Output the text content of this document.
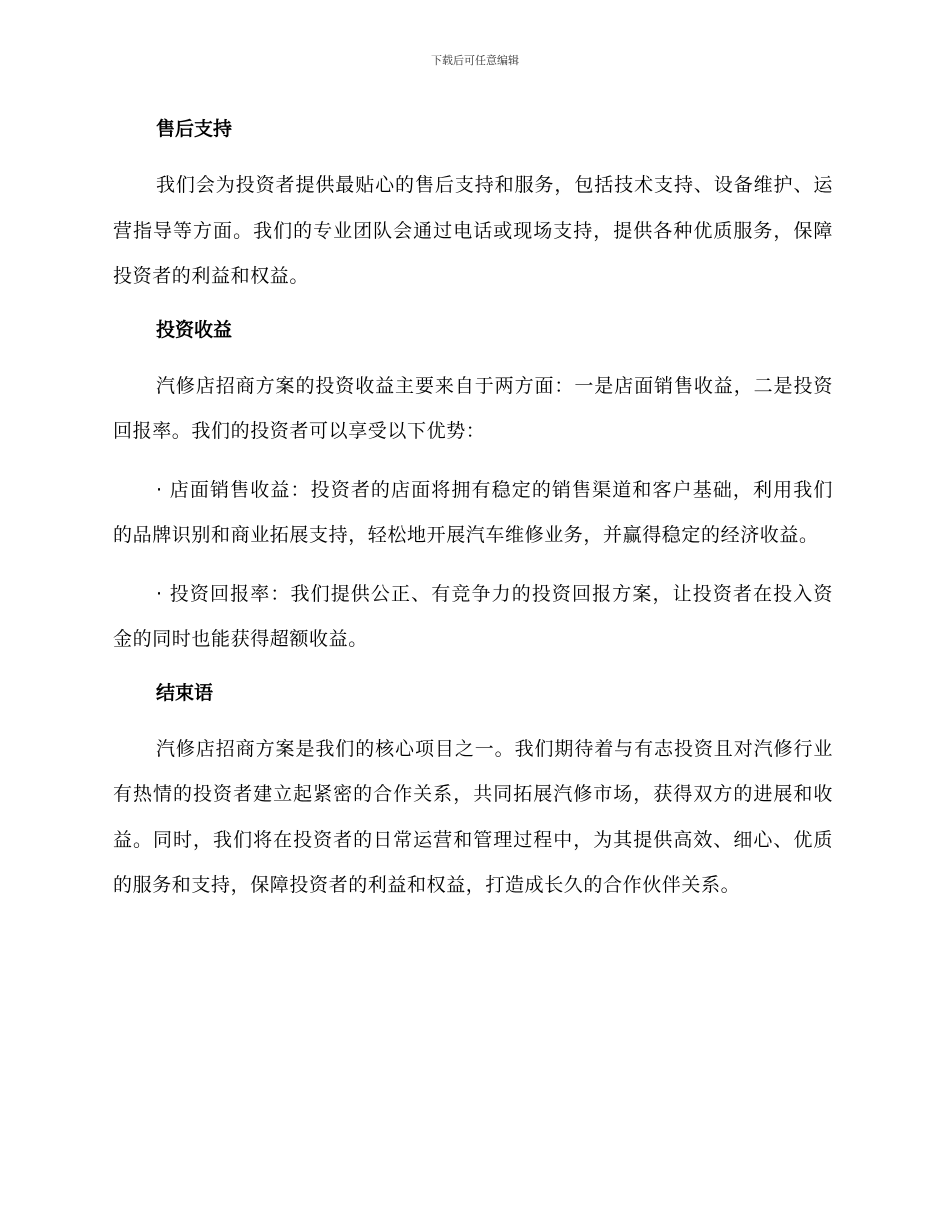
下载后可任意编辑
售后支持
我们会为投资者提供最贴心的售后支持和服务，包括技术支持、设备维护、运营指导等方面。我们的专业团队会通过电话或现场支持，提供各种优质服务，保障投资者的利益和权益。
投资收益
汽修店招商方案的投资收益主要来自于两方面：一是店面销售收益，二是投资回报率。我们的投资者可以享受以下优势：
· 店面销售收益：投资者的店面将拥有稳定的销售渠道和客户基础，利用我们的品牌识别和商业拓展支持，轻松地开展汽车维修业务，并赢得稳定的经济收益。
· 投资回报率：我们提供公正、有竞争力的投资回报方案，让投资者在投入资金的同时也能获得超额收益。
结束语
汽修店招商方案是我们的核心项目之一。我们期待着与有志投资且对汽修行业有热情的投资者建立起紧密的合作关系，共同拓展汽修市场，获得双方的进展和收益。同时，我们将在投资者的日常运营和管理过程中，为其提供高效、细心、优质的服务和支持，保障投资者的利益和权益，打造成长久的合作伙伴关系。
